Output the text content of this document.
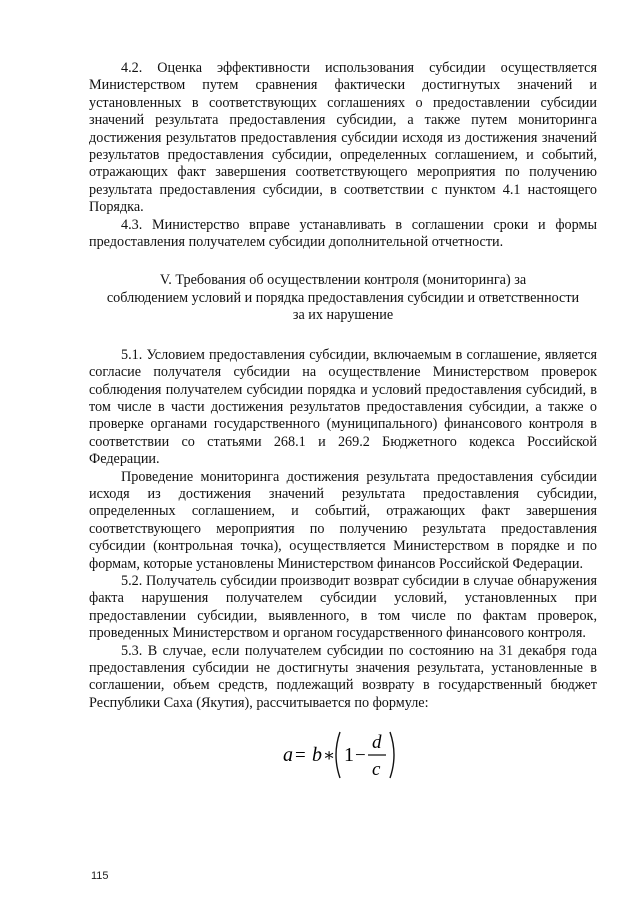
4.2. Оценка эффективности использования субсидии осуществляется Министерством путем сравнения фактически достигнутых значений и установленных в соответствующих соглашениях о предоставлении субсидии значений результата предоставления субсидии, а также путем мониторинга достижения результатов предоставления субсидии исходя из достижения значений результатов предоставления субсидии, определенных соглашением, и событий, отражающих факт завершения соответствующего мероприятия по получению результата предоставления субсидии, в соответствии с пунктом 4.1 настоящего Порядка.

4.3. Министерство вправе устанавливать в соглашении сроки и формы предоставления получателем субсидии дополнительной отчетности.

V. Требования об осуществлении контроля (мониторинга) за
соблюдением условий и порядка предоставления субсидии и ответственности
за их нарушение

5.1. Условием предоставления субсидии, включаемым в соглашение, является согласие получателя субсидии на осуществление Министерством проверок соблюдения получателем субсидии порядка и условий предоставления субсидий, в том числе в части достижения результатов предоставления субсидии, а также о проверке органами государственного (муниципального) финансового контроля в соответствии со статьями 268.1 и 269.2 Бюджетного кодекса Российской Федерации.

Проведение мониторинга достижения результата предоставления субсидии исходя из достижения значений результата предоставления субсидии, определенных соглашением, и событий, отражающих факт завершения соответствующего мероприятия по получению результата предоставления субсидии (контрольная точка), осуществляется Министерством в порядке и по формам, которые установлены Министерством финансов Российской Федерации.

5.2. Получатель субсидии производит возврат субсидии в случае обнаружения факта нарушения получателем субсидии условий, установленных при предоставлении субсидии, выявленного, в том числе по фактам проверок, проведенных Министерством и органом государственного финансового контроля.

5.3. В случае, если получателем субсидии по состоянию на 31 декабря года предоставления субсидии не достигнуты значения результата, установленные в соглашении, объем средств, подлежащий возврату в государственный бюджет Республики Саха (Якутия), рассчитывается по формуле:

a = b ∗ 1 −
d
c
115
